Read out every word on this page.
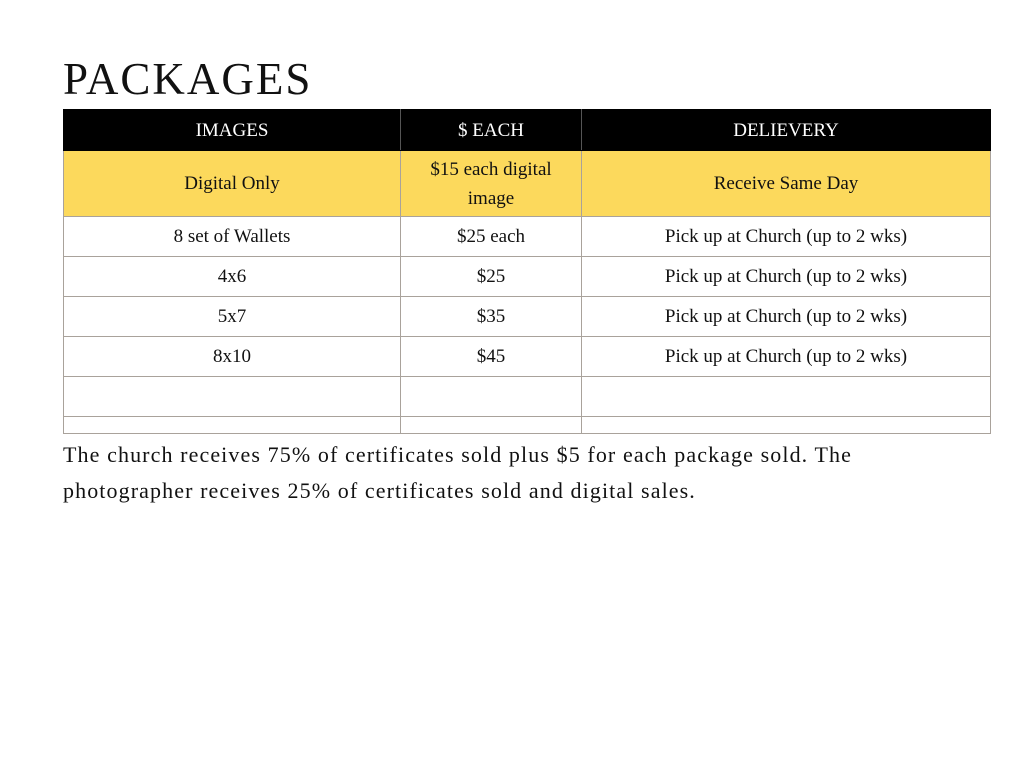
PACKAGES
IMAGES	$ EACH	DELIEVERY
Digital Only	$15 each digital image	Receive Same Day
8 set of Wallets	$25 each	Pick up at Church (up to 2 wks)
4x6	$25	Pick up at Church (up to 2 wks)
5x7	$35	Pick up at Church (up to 2 wks)
8x10	$45	Pick up at Church (up to 2 wks)

The church receives 75% of certificates sold plus $5 for each package sold. The photographer receives 25% of certificates sold and digital sales.
